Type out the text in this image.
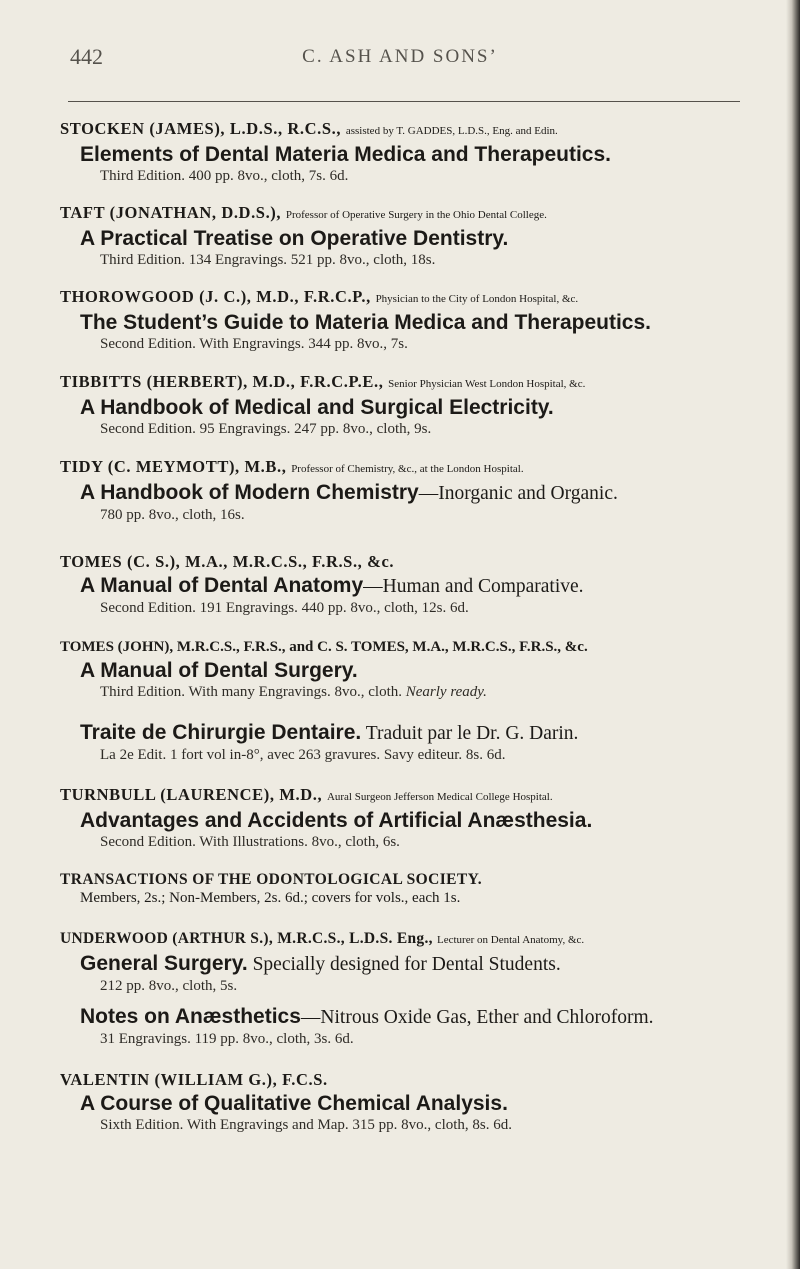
442	C. ASH AND SONS’
STOCKEN (JAMES), L.D.S., R.C.S., assisted by T. GADDES, L.D.S., Eng. and Edin.
Elements of Dental Materia Medica and Therapeutics.
Third Edition. 400 pp. 8vo., cloth, 7s. 6d.
TAFT (JONATHAN, D.D.S.), Professor of Operative Surgery in the Ohio Dental College.
A Practical Treatise on Operative Dentistry.
Third Edition. 134 Engravings. 521 pp. 8vo., cloth, 18s.
THOROWGOOD (J. C.), M.D., F.R.C.P., Physician to the City of London Hospital, &c.
The Student’s Guide to Materia Medica and Therapeutics.
Second Edition. With Engravings. 344 pp. 8vo., 7s.
TIBBITTS (HERBERT), M.D., F.R.C.P.E., Senior Physician West London Hospital, &c.
A Handbook of Medical and Surgical Electricity.
Second Edition. 95 Engravings. 247 pp. 8vo., cloth, 9s.
TIDY (C. MEYMOTT), M.B., Professor of Chemistry, &c., at the London Hospital.
A Handbook of Modern Chemistry—Inorganic and Organic.
780 pp. 8vo., cloth, 16s.
TOMES (C. S.), M.A., M.R.C.S., F.R.S., &c.
A Manual of Dental Anatomy—Human and Comparative.
Second Edition. 191 Engravings. 440 pp. 8vo., cloth, 12s. 6d.
TOMES (JOHN), M.R.C.S., F.R.S., and C. S. TOMES, M.A., M.R.C.S., F.R.S., &c.
A Manual of Dental Surgery.
Third Edition. With many Engravings. 8vo., cloth. Nearly ready.
Traite de Chirurgie Dentaire. Traduit par le Dr. G. Darin.
La 2e Edit. 1 fort vol in-8°, avec 263 gravures. Savy editeur. 8s. 6d.
TURNBULL (LAURENCE), M.D., Aural Surgeon Jefferson Medical College Hospital.
Advantages and Accidents of Artificial Anæsthesia.
Second Edition. With Illustrations. 8vo., cloth, 6s.
TRANSACTIONS OF THE ODONTOLOGICAL SOCIETY.
Members, 2s.; Non-Members, 2s. 6d.; covers for vols., each 1s.
UNDERWOOD (ARTHUR S.), M.R.C.S., L.D.S. Eng., Lecturer on Dental Anatomy, &c.
General Surgery. Specially designed for Dental Students.
212 pp. 8vo., cloth, 5s.
Notes on Anæsthetics—Nitrous Oxide Gas, Ether and Chloroform.
31 Engravings. 119 pp. 8vo., cloth, 3s. 6d.
VALENTIN (WILLIAM G.), F.C.S.
A Course of Qualitative Chemical Analysis.
Sixth Edition. With Engravings and Map. 315 pp. 8vo., cloth, 8s. 6d.
